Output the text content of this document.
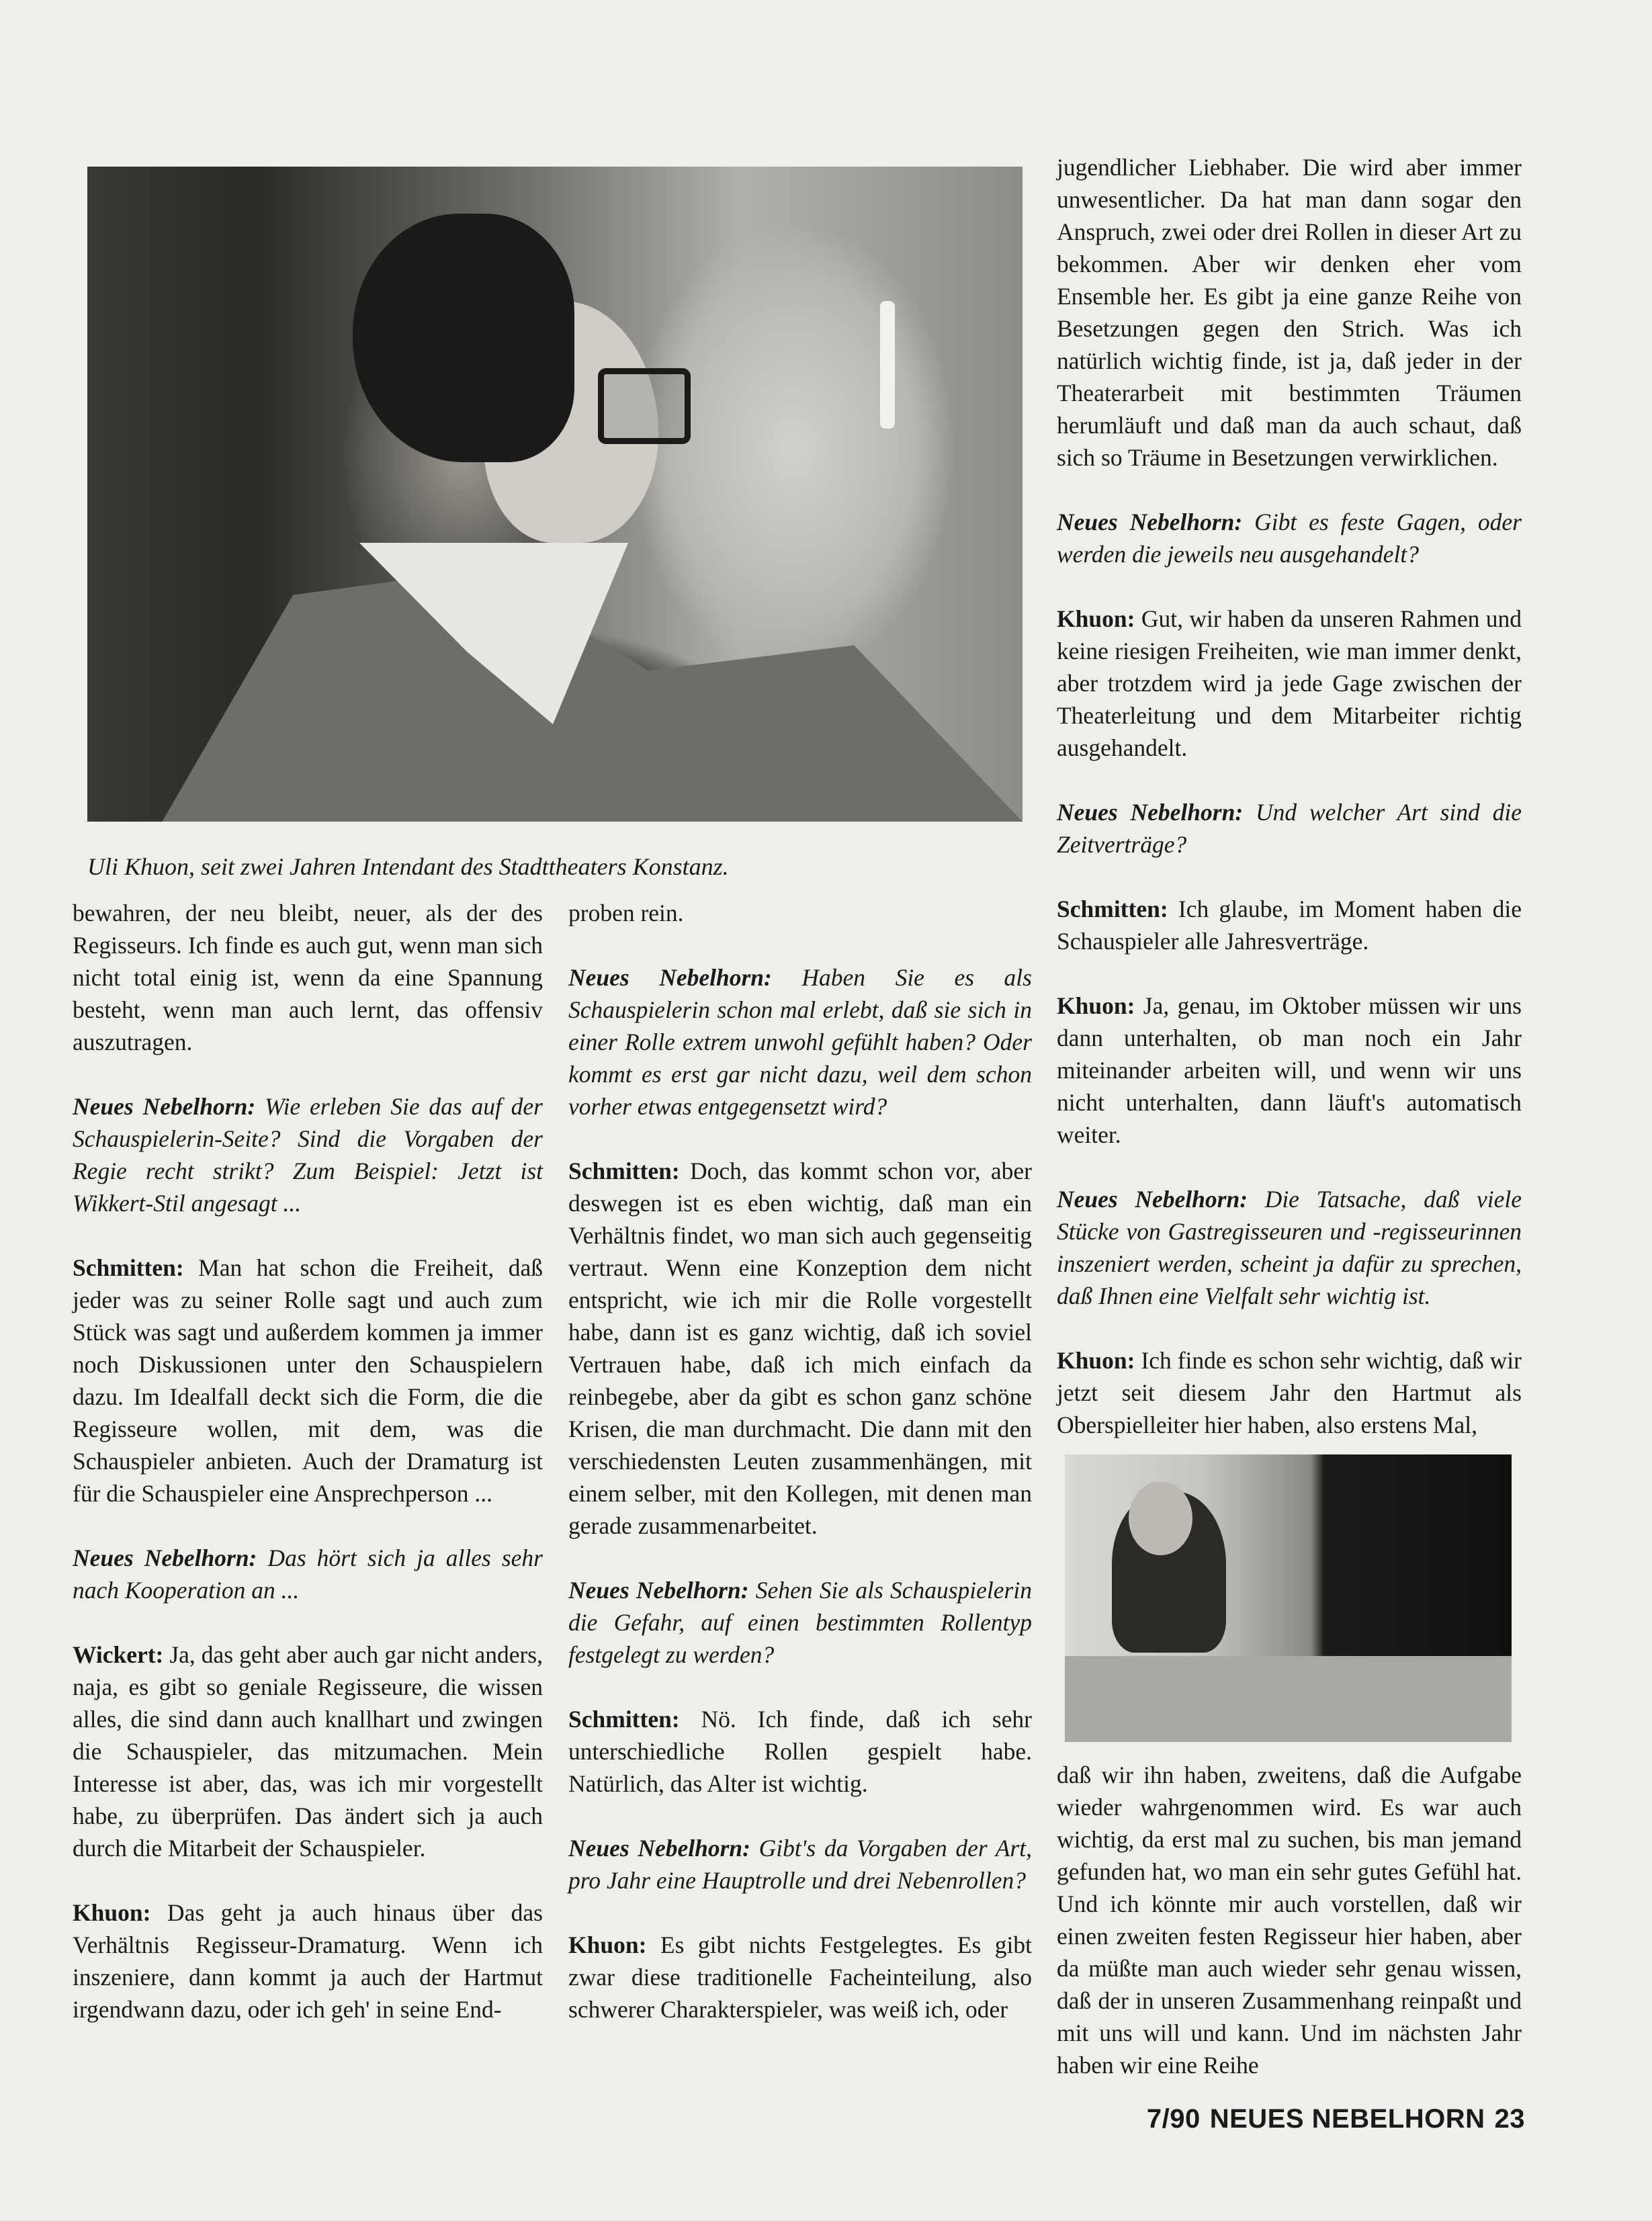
Uli Khuon, seit zwei Jahren Intendant des Stadttheaters Konstanz.

bewahren, der neu bleibt, neuer, als der des Regisseurs. Ich finde es auch gut, wenn man sich nicht total einig ist, wenn da eine Spannung besteht, wenn man auch lernt, das offensiv auszutragen.

Neues Nebelhorn: Wie erleben Sie das auf der Schauspielerin-Seite? Sind die Vorgaben der Regie recht strikt? Zum Beispiel: Jetzt ist Wikkert-Stil angesagt ...

Schmitten: Man hat schon die Freiheit, daß jeder was zu seiner Rolle sagt und auch zum Stück was sagt und außerdem kommen ja immer noch Diskussionen unter den Schauspielern dazu. Im Idealfall deckt sich die Form, die die Regisseure wollen, mit dem, was die Schauspieler anbieten. Auch der Dramaturg ist für die Schauspieler eine Ansprechperson ...

Neues Nebelhorn: Das hört sich ja alles sehr nach Kooperation an ...

Wickert: Ja, das geht aber auch gar nicht anders, naja, es gibt so geniale Regisseure, die wissen alles, die sind dann auch knallhart und zwingen die Schauspieler, das mitzumachen. Mein Interesse ist aber, das, was ich mir vorgestellt habe, zu überprüfen. Das ändert sich ja auch durch die Mitarbeit der Schauspieler.

Khuon: Das geht ja auch hinaus über das Verhältnis Regisseur-Dramaturg. Wenn ich inszeniere, dann kommt ja auch der Hartmut irgendwann dazu, oder ich geh' in seine End-

proben rein.

Neues Nebelhorn: Haben Sie es als Schauspielerin schon mal erlebt, daß sie sich in einer Rolle extrem unwohl gefühlt haben? Oder kommt es erst gar nicht dazu, weil dem schon vorher etwas entgegensetzt wird?

Schmitten: Doch, das kommt schon vor, aber deswegen ist es eben wichtig, daß man ein Verhältnis findet, wo man sich auch gegenseitig vertraut. Wenn eine Konzeption dem nicht entspricht, wie ich mir die Rolle vorgestellt habe, dann ist es ganz wichtig, daß ich soviel Vertrauen habe, daß ich mich einfach da reinbegebe, aber da gibt es schon ganz schöne Krisen, die man durchmacht. Die dann mit den verschiedensten Leuten zusammenhängen, mit einem selber, mit den Kollegen, mit denen man gerade zusammenarbeitet.

Neues Nebelhorn: Sehen Sie als Schauspielerin die Gefahr, auf einen bestimmten Rollentyp festgelegt zu werden?

Schmitten: Nö. Ich finde, daß ich sehr unterschiedliche Rollen gespielt habe. Natürlich, das Alter ist wichtig.

Neues Nebelhorn: Gibt's da Vorgaben der Art, pro Jahr eine Hauptrolle und drei Nebenrollen?

Khuon: Es gibt nichts Festgelegtes. Es gibt zwar diese traditionelle Facheinteilung, also schwerer Charakterspieler, was weiß ich, oder

jugendlicher Liebhaber. Die wird aber immer unwesentlicher. Da hat man dann sogar den Anspruch, zwei oder drei Rollen in dieser Art zu bekommen. Aber wir denken eher vom Ensemble her. Es gibt ja eine ganze Reihe von Besetzungen gegen den Strich. Was ich natürlich wichtig finde, ist ja, daß jeder in der Theaterarbeit mit bestimmten Träumen herumläuft und daß man da auch schaut, daß sich so Träume in Besetzungen verwirklichen.

Neues Nebelhorn: Gibt es feste Gagen, oder werden die jeweils neu ausgehandelt?

Khuon: Gut, wir haben da unseren Rahmen und keine riesigen Freiheiten, wie man immer denkt, aber trotzdem wird ja jede Gage zwischen der Theaterleitung und dem Mitarbeiter richtig ausgehandelt.

Neues Nebelhorn: Und welcher Art sind die Zeitverträge?

Schmitten: Ich glaube, im Moment haben die Schauspieler alle Jahresverträge.

Khuon: Ja, genau, im Oktober müssen wir uns dann unterhalten, ob man noch ein Jahr miteinander arbeiten will, und wenn wir uns nicht unterhalten, dann läuft's automatisch weiter.

Neues Nebelhorn: Die Tatsache, daß viele Stücke von Gastregisseuren und -regisseurinnen inszeniert werden, scheint ja dafür zu sprechen, daß Ihnen eine Vielfalt sehr wichtig ist.

Khuon: Ich finde es schon sehr wichtig, daß wir jetzt seit diesem Jahr den Hartmut als Oberspielleiter hier haben, also erstens Mal,

daß wir ihn haben, zweitens, daß die Aufgabe wieder wahrgenommen wird. Es war auch wichtig, da erst mal zu suchen, bis man jemand gefunden hat, wo man ein sehr gutes Gefühl hat. Und ich könnte mir auch vorstellen, daß wir einen zweiten festen Regisseur hier haben, aber da müßte man auch wieder sehr genau wissen, daß der in unseren Zusammenhang reinpaßt und mit uns will und kann. Und im nächsten Jahr haben wir eine Reihe

7/90 NEUES NEBELHORN 23
